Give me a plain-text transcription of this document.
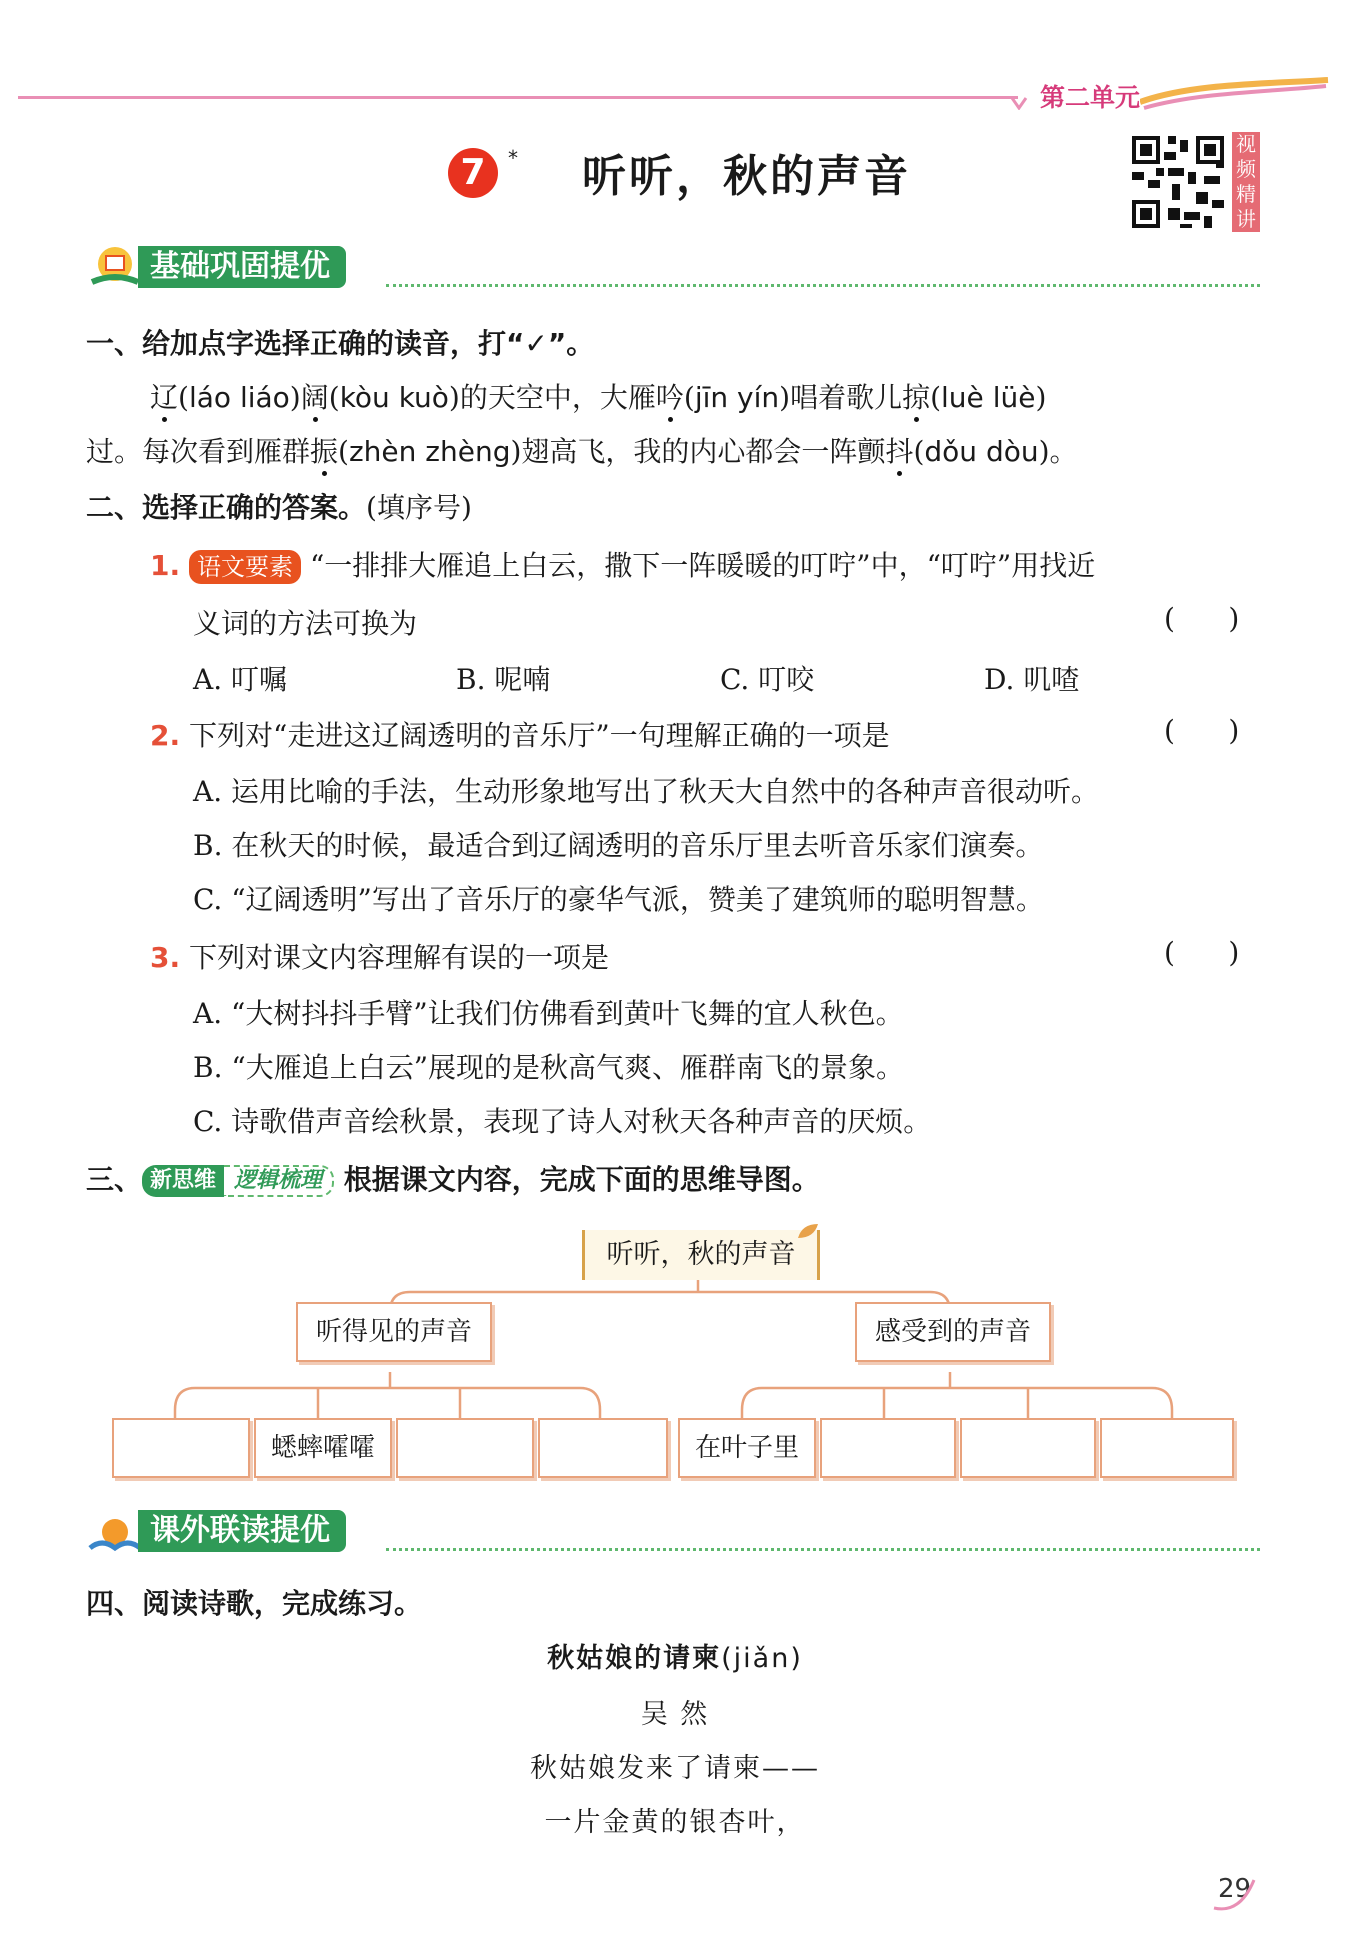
第二单元
7	* 听听，秋的声音
视频精讲
基础巩固提优
一、给加点字选择正确的读音，打“✓”。
辽(láo liáo)阔(kòu kuò)的天空中，大雁吟(jīn yín)唱着歌儿掠(luè lüè)
过。每次看到雁群振(zhèn zhèng)翅高飞，我的内心都会一阵颤抖(dǒu dòu)。
二、选择正确的答案。(填序号)
1. 语文要素 “一排排大雁追上白云，撒下一阵暖暖的叮咛”中，“叮咛”用找近
义词的方法可换为	(      )
A. 叮嘱	B. 呢喃	C. 叮咬	D. 叽喳
2. 下列对“走进这辽阔透明的音乐厅”一句理解正确的一项是	(      )
A. 运用比喻的手法，生动形象地写出了秋天大自然中的各种声音很动听。
B. 在秋天的时候，最适合到辽阔透明的音乐厅里去听音乐家们演奏。
C. “辽阔透明”写出了音乐厅的豪华气派，赞美了建筑师的聪明智慧。
3. 下列对课文内容理解有误的一项是	(      )
A. “大树抖抖手臂”让我们仿佛看到黄叶飞舞的宜人秋色。
B. “大雁追上白云”展现的是秋高气爽、雁群南飞的景象。
C. 诗歌借声音绘秋景，表现了诗人对秋天各种声音的厌烦。
三、 新思维 逻辑梳理 根据课文内容，完成下面的思维导图。
听听，秋的声音
听得见的声音	感受到的声音
蟋蟀嚯嚯	在叶子里
课外联读提优
四、阅读诗歌，完成练习。
秋姑娘的请柬(jiǎn)
吴 然
秋姑娘发来了请柬——
一片金黄的银杏叶，
29
